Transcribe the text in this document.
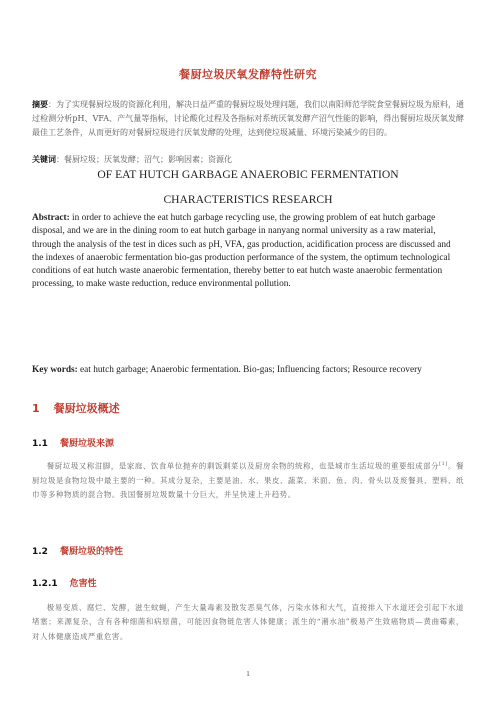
餐厨垃圾厌氧发酵特性研究
摘要：为了实现餐厨垃圾的资源化利用，解决日益严重的餐厨垃圾处理问题，我们以南阳师范学院食堂餐厨垃圾为原料，通过检测分析pH、VFA、产气量等指标，讨论酸化过程及各指标对系统厌氧发酵产沼气性能的影响，得出餐厨垃圾厌氧发酵最佳工艺条件，从而更好的对餐厨垃圾进行厌氧发酵的处理，达到使垃圾减量、环境污染减少的目的。
关键词：餐厨垃圾；厌氧发酵；沼气；影响因素；资源化
OF EAT HUTCH GARBAGE ANAEROBIC FERMENTATION
CHARACTERISTICS RESEARCH
Abstract: in order to achieve the eat hutch garbage recycling use, the growing problem of eat hutch garbage disposal, and we are in the dining room to eat hutch garbage in nanyang normal university as a raw material, through the analysis of the test in dices such as pH, VFA, gas production, acidification process are discussed and the indexes of anaerobic fermentation bio-gas production performance of the system, the optimum technological conditions of eat hutch waste anaerobic fermentation, thereby better to eat hutch waste anaerobic fermentation processing, to make waste reduction, reduce environmental pollution.
Key words: eat hutch garbage; Anaerobic fermentation. Bio-gas; Influencing factors; Resource recovery
1 餐厨垃圾概述
1.1 餐厨垃圾来源
餐厨垃圾又称泔脚，是家庭、饮食单位抛弃的剩饭剩菜以及厨房余物的统称，也是城市生活垃圾的重要组成部分[1]。餐厨垃圾是食物垃圾中最主要的一种。其成分复杂，主要是油、水、果皮、蔬菜、米面、鱼、肉、骨头以及废餐具、塑料、纸巾等多种物质的混合物。我国餐厨垃圾数量十分巨大，并呈快速上升趋势。
1.2 餐厨垃圾的特性
1.2.1 危害性
极易变质、腐烂、发酵，滋生蚊蝇，产生大量毒素及散发恶臭气体，污染水体和大气，直接排入下水道还会引起下水道堵塞；来源复杂，含有各种细菌和病原菌，可能因食物链危害人体健康；派生的“潲水油”极易产生致癌物质—黄曲霉素，对人体健康造成严重危害。
1
